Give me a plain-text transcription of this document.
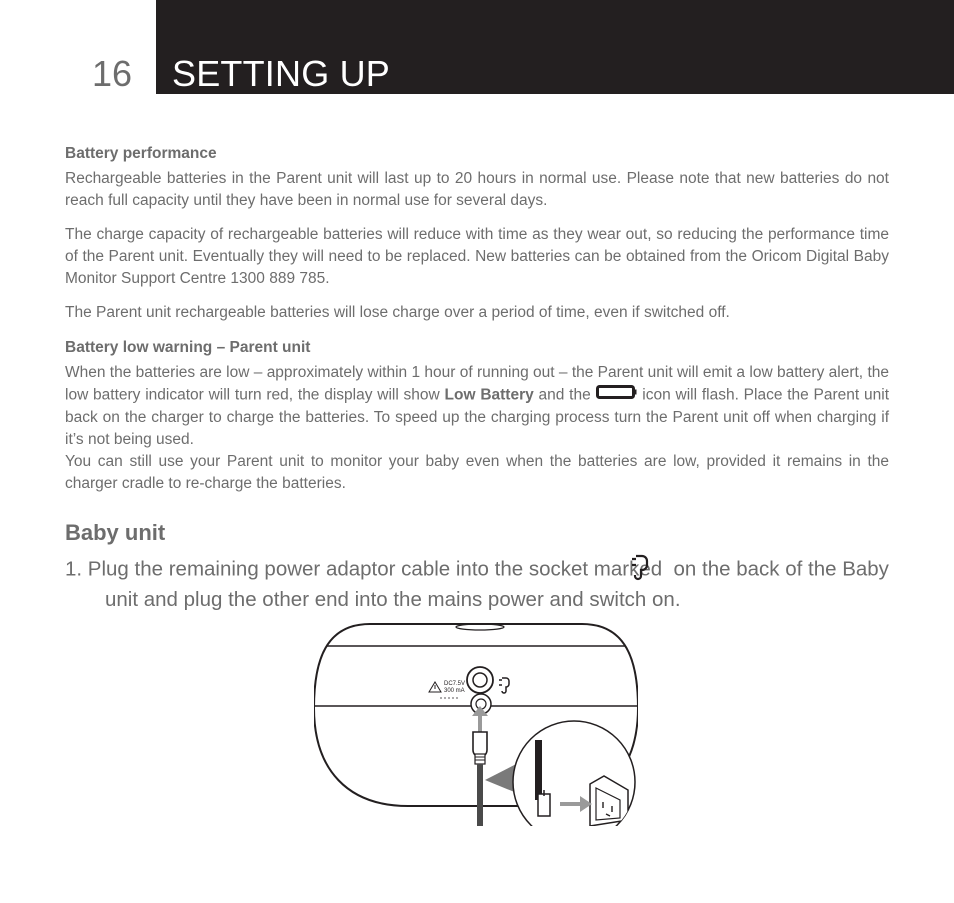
16 SETTING UP

Battery performance

Rechargeable batteries in the Parent unit will last up to 20 hours in normal use. Please note that new batteries do not reach full capacity until they have been in normal use for several days.

The charge capacity of rechargeable batteries will reduce with time as they wear out, so reducing the performance time of the Parent unit. Eventually they will need to be replaced. New batteries can be obtained from the Oricom Digital Baby Monitor Support Centre 1300 889 785.

The Parent unit rechargeable batteries will lose charge over a period of time, even if switched off.

Battery low warning – Parent unit

When the batteries are low – approximately within 1 hour of running out – the Parent unit will emit a low battery alert, the low battery indicator will turn red, the display will show Low Battery and the	icon will flash. Place the Parent unit back on the charger to charge the batteries. To speed up the charging process turn the Parent unit off when charging if it’s not being used.

You can still use your Parent unit to monitor your baby even when the batteries are low, provided it remains in the charger cradle to re-charge the batteries.

Baby unit

1. Plug the remaining power adaptor cable into the socket marked  on the back of the Baby unit and plug the other end into the mains power and switch on.

DC7.5V
300 mA
